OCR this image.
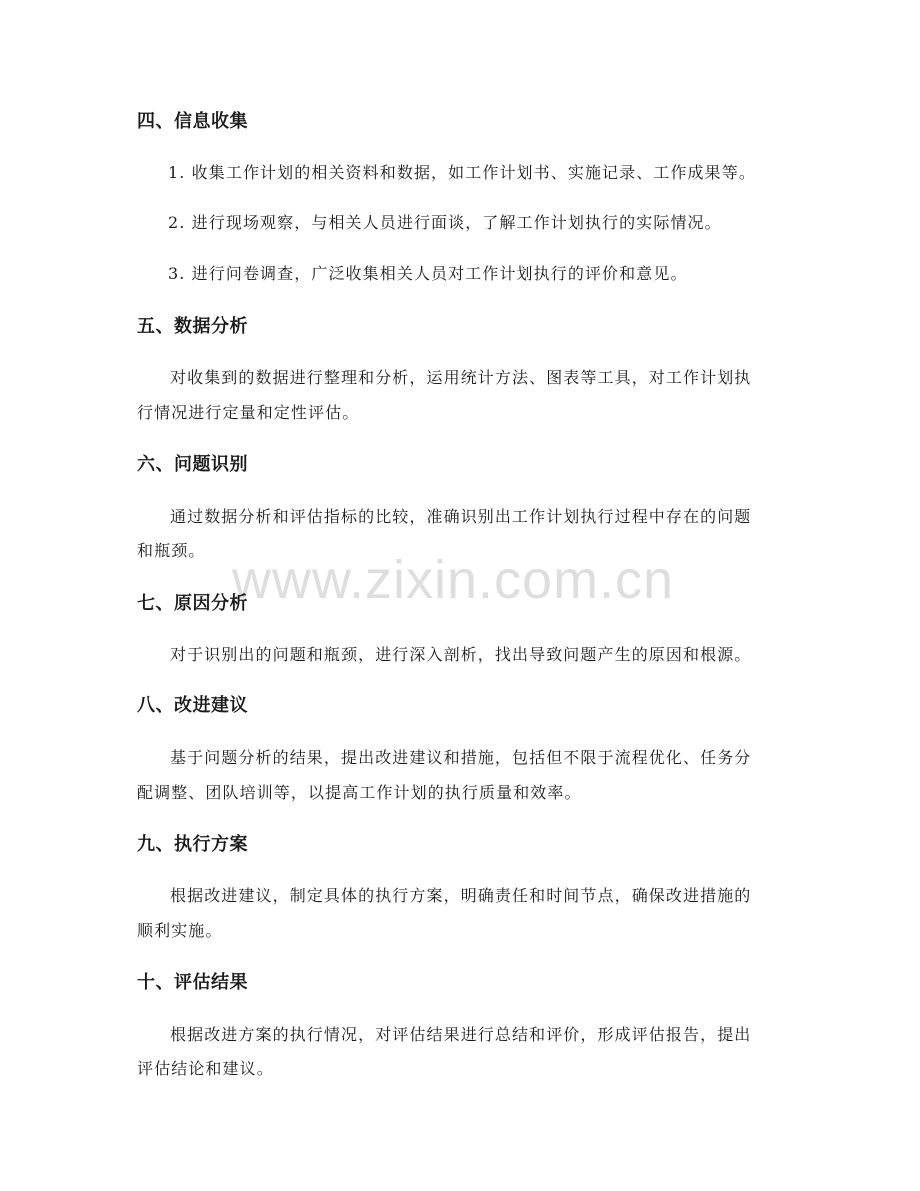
www.zixin.com.cn
四、信息收集
1. 收集工作计划的相关资料和数据，如工作计划书、实施记录、工作成果等。
2. 进行现场观察，与相关人员进行面谈，了解工作计划执行的实际情况。
3. 进行问卷调查，广泛收集相关人员对工作计划执行的评价和意见。
五、数据分析
对收集到的数据进行整理和分析，运用统计方法、图表等工具，对工作计划执
行情况进行定量和定性评估。
六、问题识别
通过数据分析和评估指标的比较，准确识别出工作计划执行过程中存在的问题
和瓶颈。
七、原因分析
对于识别出的问题和瓶颈，进行深入剖析，找出导致问题产生的原因和根源。
八、改进建议
基于问题分析的结果，提出改进建议和措施，包括但不限于流程优化、任务分
配调整、团队培训等，以提高工作计划的执行质量和效率。
九、执行方案
根据改进建议，制定具体的执行方案，明确责任和时间节点，确保改进措施的
顺利实施。
十、评估结果
根据改进方案的执行情况，对评估结果进行总结和评价，形成评估报告，提出
评估结论和建议。
